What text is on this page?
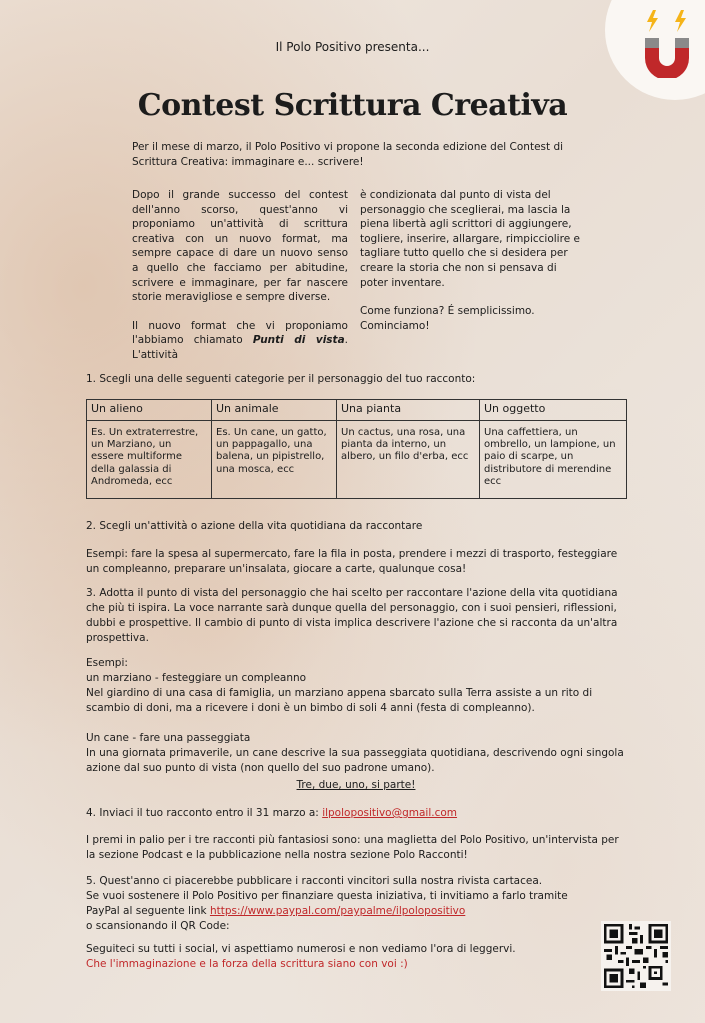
Il Polo Positivo presenta...
Contest Scrittura Creativa
Per il mese di marzo, il Polo Positivo vi propone la seconda edizione del Contest di Scrittura Creativa: immaginare e... scrivere!

Dopo il grande successo del contest dell'anno scorso, quest'anno vi proponiamo un'attività di scrittura creativa con un nuovo format, ma sempre capace di dare un nuovo senso a quello che facciamo per abitudine, scrivere e immaginare, per far nascere storie meravigliose e sempre diverse.

Il nuovo format che vi proponiamo l'abbiamo chiamato Punti di vista. L'attività

è condizionata dal punto di vista del personaggio che sceglierai, ma lascia la piena libertà agli scrittori di aggiungere, togliere, inserire, allargare, rimpicciolire e tagliare tutto quello che si desidera per creare la storia che non si pensava di poter inventare.

Come funziona? É semplicissimo. Cominciamo!

1. Scegli una delle seguenti categorie per il personaggio del tuo racconto:
Un alieno	Un animale	Una pianta	Un oggetto
Es. Un extraterrestre, un Marziano, un essere multiforme della galassia di Andromeda, ecc	Es. Un cane, un gatto, un pappagallo, una balena, un pipistrello, una mosca, ecc	Un cactus, una rosa, una pianta da interno, un albero, un filo d'erba, ecc	Una caffettiera, un ombrello, un lampione, un paio di scarpe, un distributore di merendine ecc
2. Scegli un'attività o azione della vita quotidiana da raccontare
Esempi: fare la spesa al supermercato, fare la fila in posta, prendere i mezzi di trasporto, festeggiare un compleanno, preparare un'insalata, giocare a carte, qualunque cosa!
3. Adotta il punto di vista del personaggio che hai scelto per raccontare l'azione della vita quotidiana che più ti ispira. La voce narrante sarà dunque quella del personaggio, con i suoi pensieri, riflessioni, dubbi e prospettive. Il cambio di punto di vista implica descrivere l'azione che si racconta da un'altra prospettiva.

Esempi:

un marziano - festeggiare un compleanno

Nel giardino di una casa di famiglia, un marziano appena sbarcato sulla Terra assiste a un rito di scambio di doni, ma a ricevere i doni è un bimbo di soli 4 anni (festa di compleanno).

Un cane - fare una passeggiata

In una giornata primaverile, un cane descrive la sua passeggiata quotidiana, descrivendo ogni singola azione dal suo punto di vista (non quello del suo padrone umano).

Tre, due, uno, si parte!
4. Inviaci il tuo racconto entro il 31 marzo a: ilpolopositivo@gmail.com
I premi in palio per i tre racconti più fantasiosi sono: una maglietta del Polo Positivo, un'intervista per la sezione Podcast e la pubblicazione nella nostra sezione Polo Racconti!

5. Quest'anno ci piacerebbe pubblicare i racconti vincitori sulla nostra rivista cartacea.

Se vuoi sostenere il Polo Positivo per finanziare questa iniziativa, ti invitiamo a farlo tramite

PayPal al seguente link https://www.paypal.com/paypalme/ilpolopositivo

o scansionando il QR Code:

Seguiteci su tutti i social, vi aspettiamo numerosi e non vediamo l'ora di leggervi.

Che l'immaginazione e la forza della scrittura siano con voi :)
